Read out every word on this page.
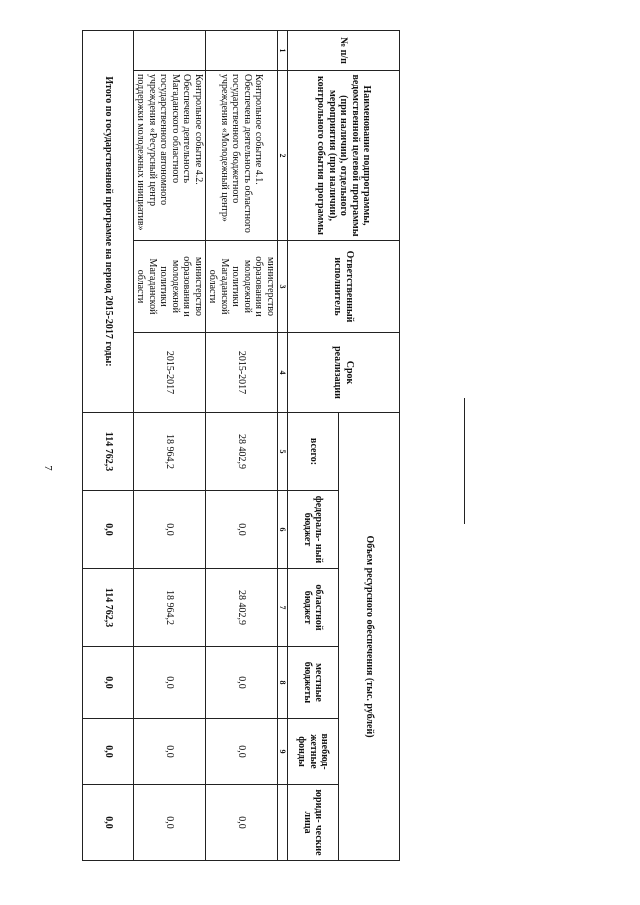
7
№ п/п	Наименование подпрограммы, ведомственной целевой программы (при наличии), отдельного мероприятия (при наличии), контрольного события программы	Ответственный исполнитель	Срок реализации	Объем ресурсного обеспечения (тыс. рублей)					
				всего:	федераль- ный бюджет	областной бюджет	местные бюджеты	внебюд- жетные фонды	юриди- ческие лица
1	2	3	4	5	6	7	8	9	
	Контрольное событие 4.1. Обеспечена деятельность областного государственного бюджетного учреждения «Молодежный центр»	министерство образования и молодежной политики Магаданской области	2015-2017	28 402,9	0,0	28 402,9	0,0	0,0	0,0
	Контрольное событие 4.2. Обеспечена деятельность Магаданского областного государственного автономного учреждения «Ресурсный центр поддержки молодежных инициатив»	министерство образования и молодежной политики Магаданской области	2015-2017	18 964,2	0,0	18 964,2	0,0	0,0	0,0
Итого по государственной программе на период 2015-2017 годы:				114 762,3	0,0	114 762,3	0,0	0,0	0,0
